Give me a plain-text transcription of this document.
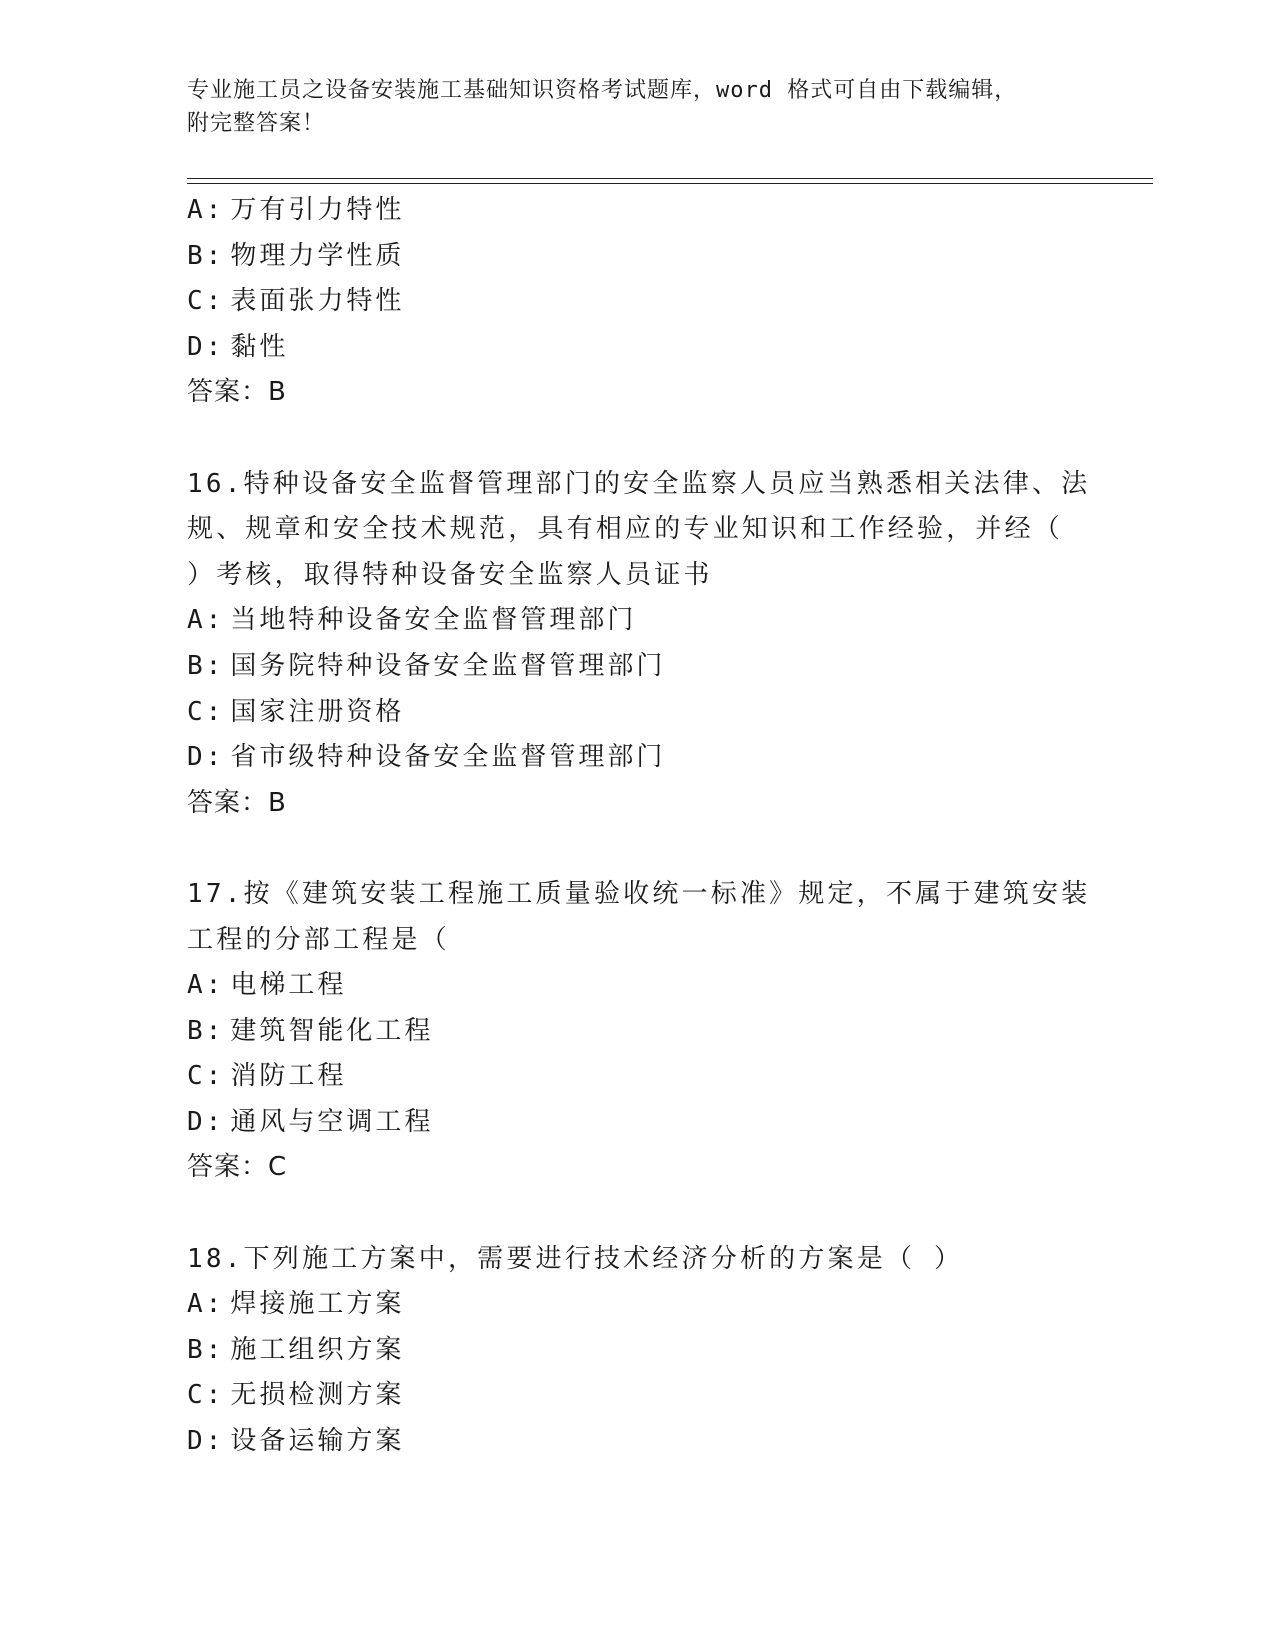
专业施工员之设备安装施工基础知识资格考试题库，word 格式可自由下载编辑，
附完整答案！
A: 万有引力特性
B: 物理力学性质
C: 表面张力特性
D: 黏性
答案：B
16.特种设备安全监督管理部门的安全监察人员应当熟悉相关法律、法
规、规章和安全技术规范，具有相应的专业知识和工作经验，并经（
）考核，取得特种设备安全监察人员证书
A: 当地特种设备安全监督管理部门
B: 国务院特种设备安全监督管理部门
C: 国家注册资格
D: 省市级特种设备安全监督管理部门
答案：B
17.按《建筑安装工程施工质量验收统一标准》规定，不属于建筑安装
工程的分部工程是（
A: 电梯工程
B: 建筑智能化工程
C: 消防工程
D: 通风与空调工程
答案：C
18.下列施工方案中，需要进行技术经济分析的方案是（ ）
A: 焊接施工方案
B: 施工组织方案
C: 无损检测方案
D: 设备运输方案
